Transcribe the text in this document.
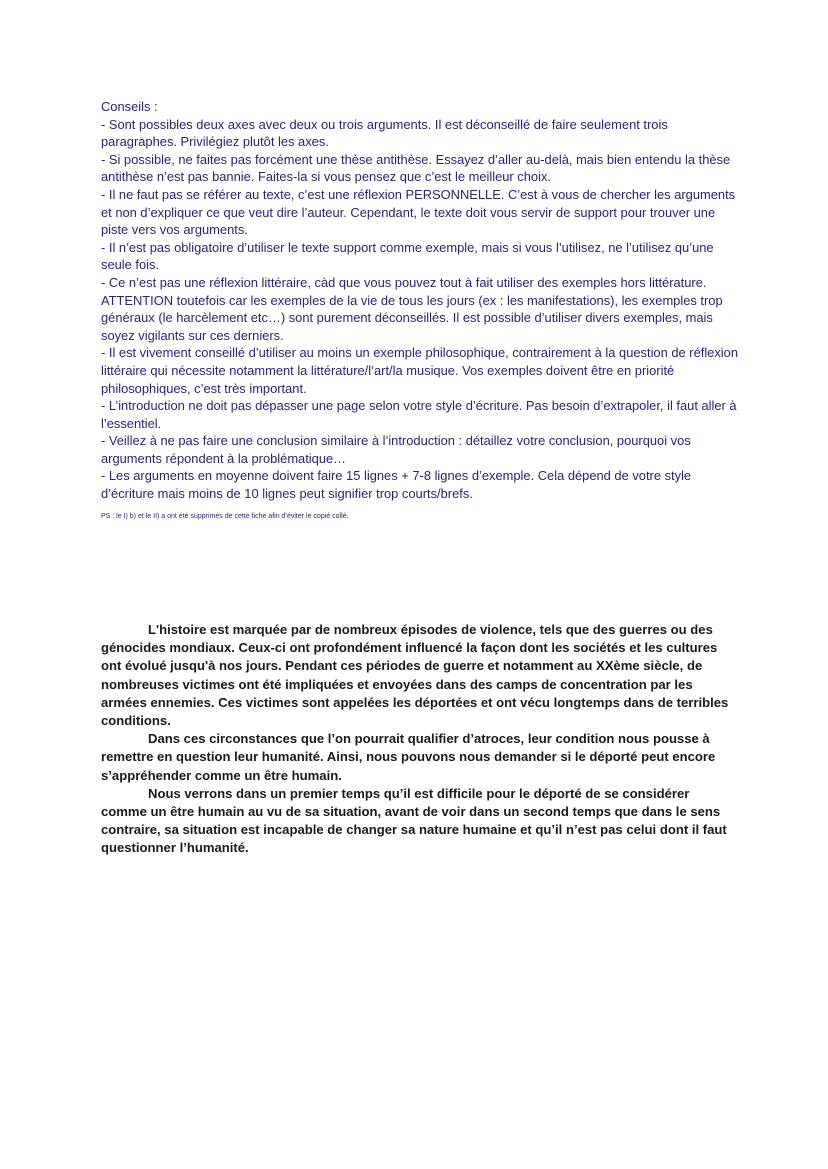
Conseils :

- Sont possibles deux axes avec deux ou trois arguments. Il est déconseillé de faire seulement trois paragraphes. Privilégiez plutôt les axes.

- Si possible, ne faites pas forcément une thèse antithèse. Essayez d’aller au-delà, mais bien entendu la thèse antithèse n’est pas bannie. Faites-la si vous pensez que c’est le meilleur choix.

- Il ne faut pas se référer au texte, c’est une réflexion PERSONNELLE. C’est à vous de chercher les arguments et non d’expliquer ce que veut dire l’auteur. Cependant, le texte doit vous servir de support pour trouver une piste vers vos arguments.

- Il n’est pas obligatoire d’utiliser le texte support comme exemple, mais si vous l’utilisez, ne l’utilisez qu’une seule fois.

- Ce n’est pas une réflexion littéraire, càd que vous pouvez tout à fait utiliser des exemples hors littérature. ATTENTION toutefois car les exemples de la vie de tous les jours (ex : les manifestations), les exemples trop généraux (le harcèlement etc…) sont purement déconseillés. Il est possible d’utiliser divers exemples, mais soyez vigilants sur ces derniers.

- Il est vivement conseillé d’utiliser au moins un exemple philosophique, contrairement à la question de réflexion littéraire qui nécessite notamment la littérature/l’art/la musique. Vos exemples doivent être en priorité philosophiques, c’est très important.

- L’introduction ne doit pas dépasser une page selon votre style d’écriture. Pas besoin d’extrapoler, il faut aller à l’essentiel.

- Veillez à ne pas faire une conclusion similaire à l’introduction : détaillez votre conclusion, pourquoi vos arguments répondent à la problématique…

- Les arguments en moyenne doivent faire 15 lignes + 7-8 lignes d’exemple. Cela dépend de votre style d’écriture mais moins de 10 lignes peut signifier trop courts/brefs.

PS : le I) b) et le II) a ont été supprimés de cette fiche afin d’éviter le copié collé.

L'histoire est marquée par de nombreux épisodes de violence, tels que des guerres ou des génocides mondiaux. Ceux-ci ont profondément influencé la façon dont les sociétés et les cultures ont évolué jusqu'à nos jours. Pendant ces périodes de guerre et notamment au XXème siècle, de nombreuses victimes ont été impliquées et envoyées dans des camps de concentration par les armées ennemies. Ces victimes sont appelées les déportées et ont vécu longtemps dans de terribles conditions.

Dans ces circonstances que l’on pourrait qualifier d’atroces, leur condition nous pousse à remettre en question leur humanité. Ainsi, nous pouvons nous demander si le déporté peut encore s’appréhender comme un être humain.

Nous verrons dans un premier temps qu’il est difficile pour le déporté de se considérer comme un être humain au vu de sa situation, avant de voir dans un second temps que dans le sens contraire, sa situation est incapable de changer sa nature humaine et qu’il n’est pas celui dont il faut questionner l’humanité.
